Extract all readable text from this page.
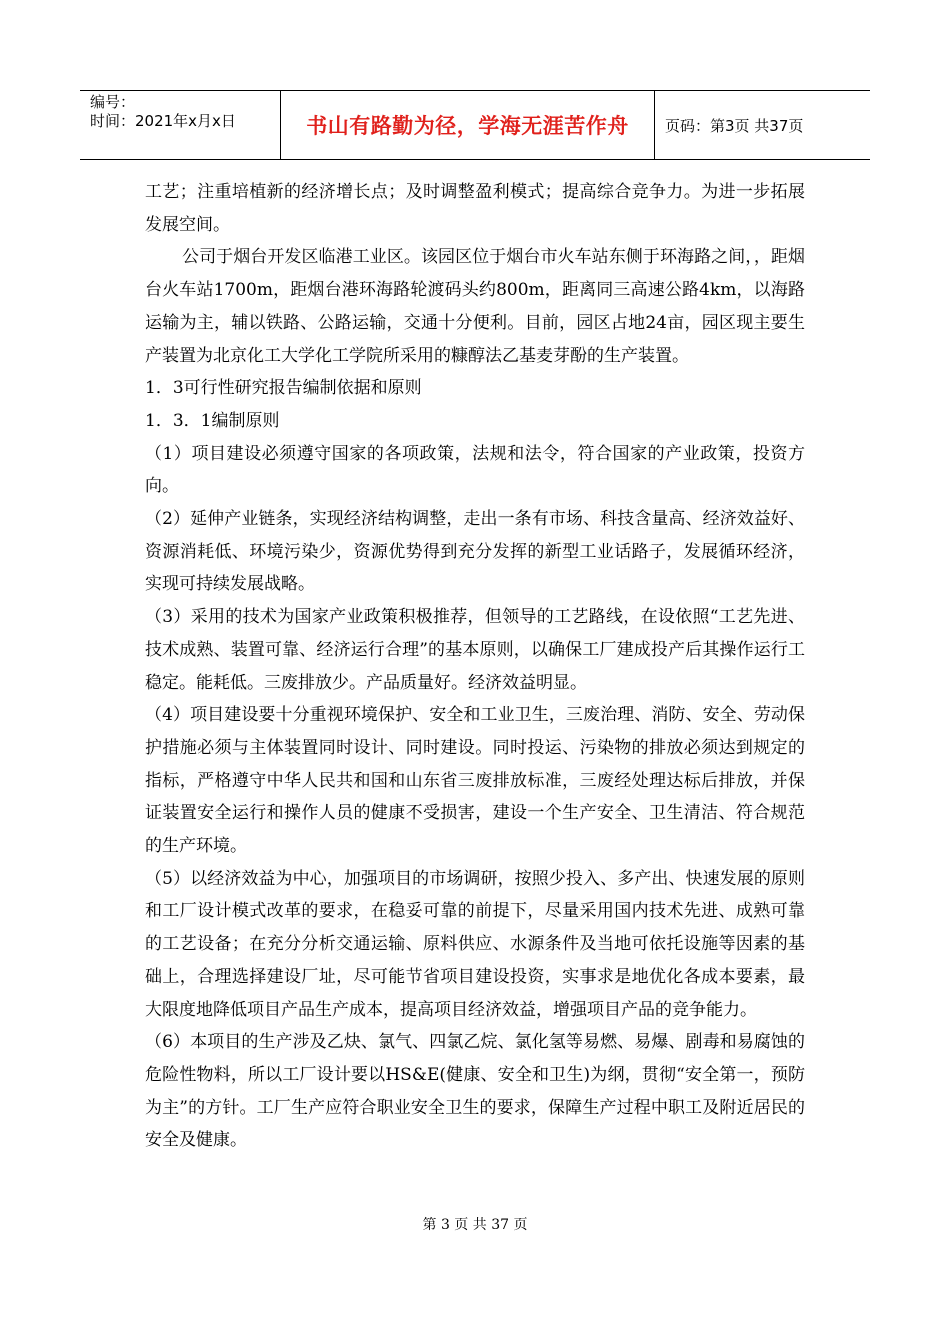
编号：
时间：2021年x月x日	书山有路勤为径，学海无涯苦作舟	页码：第3页 共37页

工艺；注重培植新的经济增长点；及时调整盈利模式；提高综合竞争力。为进一步拓展发展空间。

公司于烟台开发区临港工业区。该园区位于烟台市火车站东侧于环海路之间，，距烟台火车站1700m，距烟台港环海路轮渡码头约800m，距离同三高速公路4km，以海路运输为主，辅以铁路、公路运输，交通十分便利。目前，园区占地24亩，园区现主要生产装置为北京化工大学化工学院所采用的糠醇法乙基麦芽酚的生产装置。

1．3可行性研究报告编制依据和原则

1．3．1编制原则

（1）项目建设必须遵守国家的各项政策，法规和法令，符合国家的产业政策，投资方向。

（2）延伸产业链条，实现经济结构调整，走出一条有市场、科技含量高、经济效益好、资源消耗低、环境污染少，资源优势得到充分发挥的新型工业话路子，发展循环经济，实现可持续发展战略。

（3）采用的技术为国家产业政策积极推荐，但领导的工艺路线，在设依照“工艺先进、技术成熟、装置可靠、经济运行合理”的基本原则，以确保工厂建成投产后其操作运行工稳定。能耗低。三废排放少。产品质量好。经济效益明显。

（4）项目建设要十分重视环境保护、安全和工业卫生，三废治理、消防、安全、劳动保护措施必须与主体装置同时设计、同时建设。同时投运、污染物的排放必须达到规定的指标，严格遵守中华人民共和国和山东省三废排放标准，三废经处理达标后排放，并保证装置安全运行和操作人员的健康不受损害，建设一个生产安全、卫生清洁、符合规范的生产环境。

（5）以经济效益为中心，加强项目的市场调研，按照少投入、多产出、快速发展的原则和工厂设计模式改革的要求，在稳妥可靠的前提下，尽量采用国内技术先进、成熟可靠的工艺设备；在充分分析交通运输、原料供应、水源条件及当地可依托设施等因素的基础上，合理选择建设厂址，尽可能节省项目建设投资，实事求是地优化各成本要素，最大限度地降低项目产品生产成本，提高项目经济效益，增强项目产品的竞争能力。

（6）本项目的生产涉及乙炔、氯气、四氯乙烷、氯化氢等易燃、易爆、剧毒和易腐蚀的危险性物料，所以工厂设计要以HS&E(健康、安全和卫生)为纲，贯彻“安全第一，预防为主”的方针。工厂生产应符合职业安全卫生的要求，保障生产过程中职工及附近居民的安全及健康。

第 3 页 共 37 页
